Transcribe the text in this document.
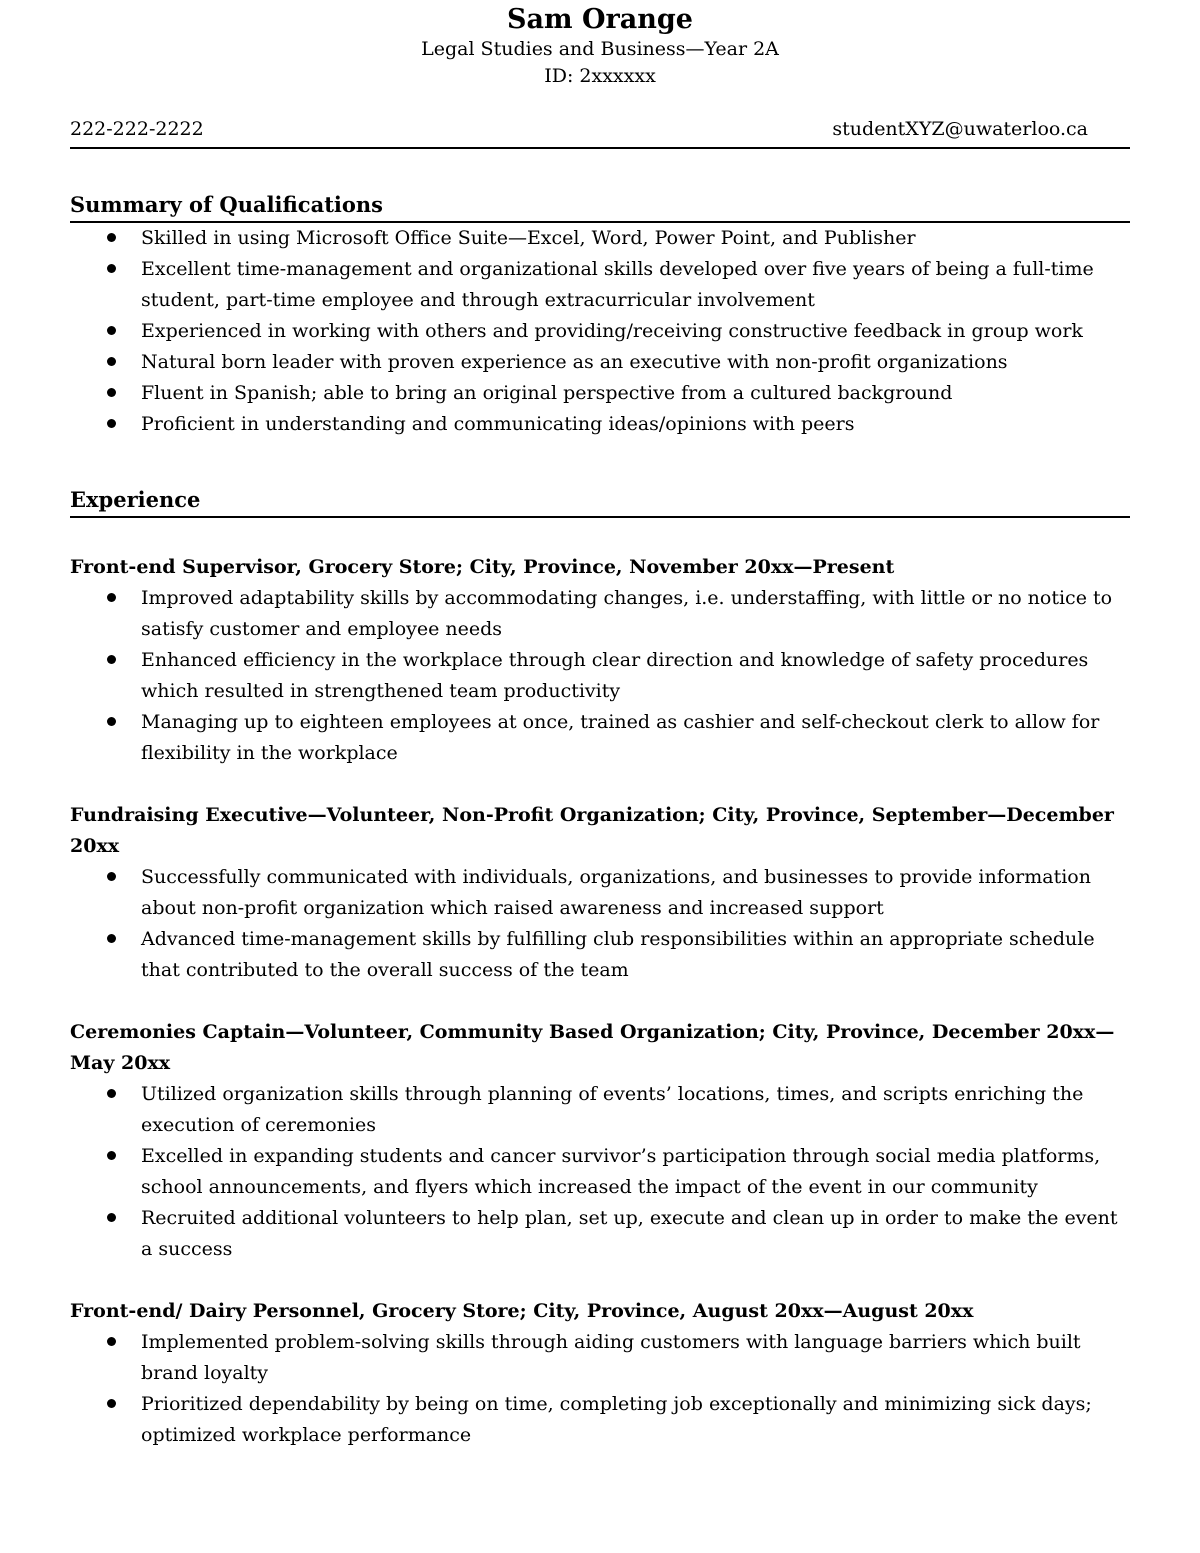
Sam Orange

Legal Studies and Business—Year 2A

ID: 2xxxxxx

222-222-2222	studentXYZ@uwaterloo.ca
Summary of Qualifications
Skilled in using Microsoft Office Suite—Excel, Word, Power Point, and Publisher
Excellent time-management and organizational skills developed over five years of being a full-time student, part-time employee and through extracurricular involvement
Experienced in working with others and providing/receiving constructive feedback in group work
Natural born leader with proven experience as an executive with non-profit organizations
Fluent in Spanish; able to bring an original perspective from a cultured background
Proficient in understanding and communicating ideas/opinions with peers
Experience

Front-end Supervisor, Grocery Store; City, Province, November 20xx—Present

Improved adaptability skills by accommodating changes, i.e. understaffing, with little or no notice to satisfy customer and employee needs
Enhanced efficiency in the workplace through clear direction and knowledge of safety procedures which resulted in strengthened team productivity
Managing up to eighteen employees at once, trained as cashier and self-checkout clerk to allow for flexibility in the workplace

Fundraising Executive—Volunteer, Non-Profit Organization; City, Province, September—December 20xx

Successfully communicated with individuals, organizations, and businesses to provide information about non-profit organization which raised awareness and increased support
Advanced time-management skills by fulfilling club responsibilities within an appropriate schedule that contributed to the overall success of the team

Ceremonies Captain—Volunteer, Community Based Organization; City, Province, December 20xx—May 20xx

Utilized organization skills through planning of events’ locations, times, and scripts enriching the execution of ceremonies
Excelled in expanding students and cancer survivor’s participation through social media platforms, school announcements, and flyers which increased the impact of the event in our community
Recruited additional volunteers to help plan, set up, execute and clean up in order to make the event a success

Front-end/ Dairy Personnel, Grocery Store; City, Province, August 20xx—August 20xx

Implemented problem-solving skills through aiding customers with language barriers which built brand loyalty
Prioritized dependability by being on time, completing job exceptionally and minimizing sick days; optimized workplace performance
